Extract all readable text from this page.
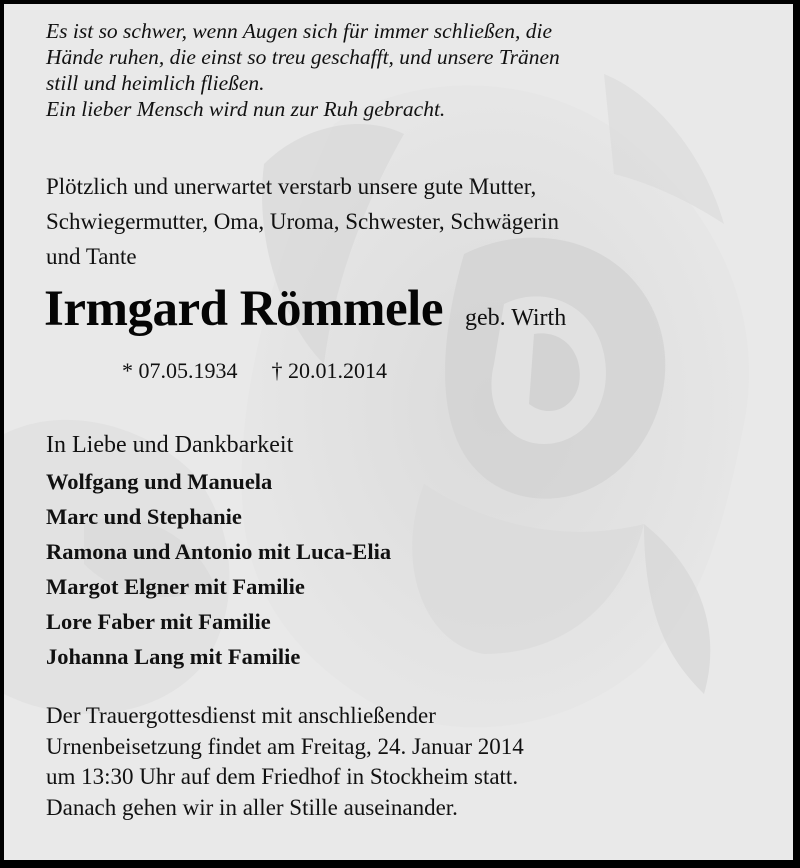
Es ist so schwer, wenn Augen sich für immer schließen, die
Hände ruhen, die einst so treu geschafft, und unsere Tränen
still und heimlich fließen.
Ein lieber Mensch wird nun zur Ruh gebracht.
Plötzlich und unerwartet verstarb unsere gute Mutter,
Schwiegermutter, Oma, Uroma, Schwester, Schwägerin
und Tante
Irmgard Römmele geb. Wirth
* 07.05.1934 † 20.01.2014
In Liebe und Dankbarkeit
Wolfgang und Manuela
Marc und Stephanie
Ramona und Antonio mit Luca-Elia
Margot Elgner mit Familie
Lore Faber mit Familie
Johanna Lang mit Familie
Der Trauergottesdienst mit anschließender
Urnenbeisetzung findet am Freitag, 24. Januar 2014
um 13:30 Uhr auf dem Friedhof in Stockheim statt.
Danach gehen wir in aller Stille auseinander.
